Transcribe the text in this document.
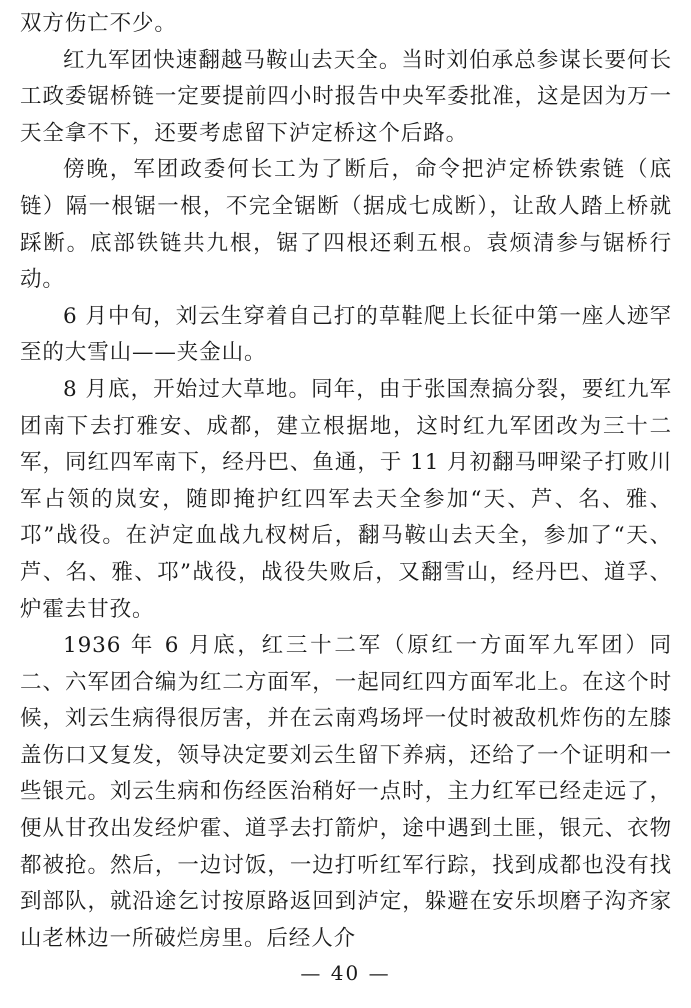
双方伤亡不少。

红九军团快速翻越马鞍山去天全。当时刘伯承总参谋长要何长工政委锯桥链一定要提前四小时报告中央军委批准，这是因为万一天全拿不下，还要考虑留下泸定桥这个后路。

傍晚，军团政委何长工为了断后，命令把泸定桥铁索链（底链）隔一根锯一根，不完全锯断（据成七成断），让敌人踏上桥就踩断。底部铁链共九根，锯了四根还剩五根。袁烦清参与锯桥行动。

6 月中旬，刘云生穿着自己打的草鞋爬上长征中第一座人迹罕至的大雪山——夹金山。

8 月底，开始过大草地。同年，由于张国焘搞分裂，要红九军团南下去打雅安、成都，建立根据地，这时红九军团改为三十二军，同红四军南下，经丹巴、鱼通，于 11 月初翻马呷梁子打败川军占领的岚安，随即掩护红四军去天全参加“天、芦、名、雅、邛”战役。在泸定血战九杈树后，翻马鞍山去天全，参加了“天、芦、名、雅、邛”战役，战役失败后，又翻雪山，经丹巴、道孚、炉霍去甘孜。

1936 年 6 月底，红三十二军（原红一方面军九军团）同二、六军团合编为红二方面军，一起同红四方面军北上。在这个时候，刘云生病得很厉害，并在云南鸡场坪一仗时被敌机炸伤的左膝盖伤口又复发，领导决定要刘云生留下养病，还给了一个证明和一些银元。刘云生病和伤经医治稍好一点时，主力红军已经走远了，便从甘孜出发经炉霍、道孚去打箭炉，途中遇到土匪，银元、衣物都被抢。然后，一边讨饭，一边打听红军行踪，找到成都也没有找到部队，就沿途乞讨按原路返回到泸定，躲避在安乐坝磨子沟齐家山老林边一所破烂房里。后经人介

— 40 —
